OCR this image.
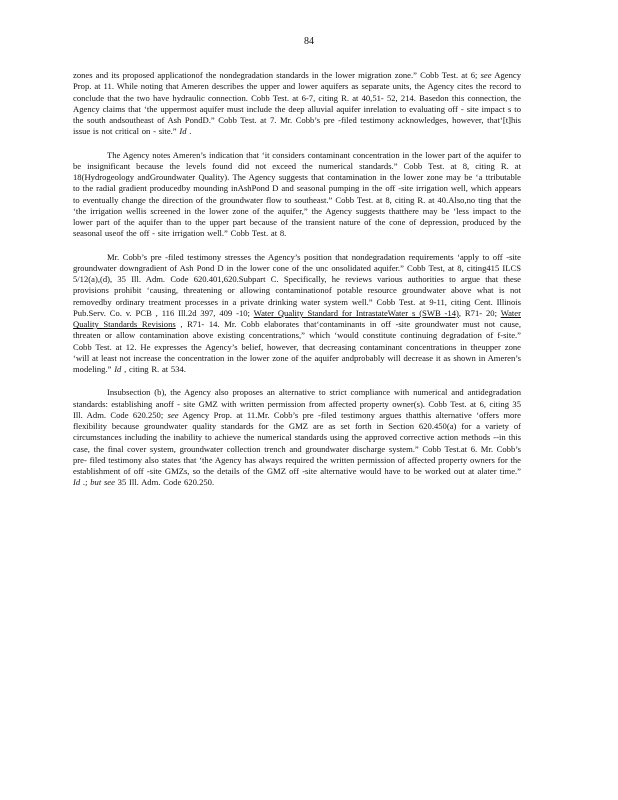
84

zones and its proposed applicationof the nondegradation standards in the lower migration zone.” Cobb Test. at 6; see Agency Prop. at 11. While noting that Ameren describes the upper and lower aquifers as separate units, the Agency cites the record to conclude that the two have hydraulic connection. Cobb Test. at 6-7, citing R. at 40,51- 52, 214. Basedon this connection, the Agency claims that ‘the uppermost aquifer must include the deep alluvial aquifer inrelation to evaluating off - site impact s to the south andsoutheast of Ash PondD.” Cobb Test. at 7. Mr. Cobb’s pre -filed testimony acknowledges, however, that‘[t]his issue is not critical on - site.” Id .

The Agency notes Ameren’s indication that ‘it considers contaminant concentration in the lower part of the aquifer to be insignificant because the levels found did not exceed the numerical standards.” Cobb Test. at 8, citing R. at 18(Hydrogeology andGroundwater Quality). The Agency suggests that contamination in the lower zone may be ‘a ttributable to the radial gradient producedby mounding inAshPond D and seasonal pumping in the off -site irrigation well, which appears to eventually change the direction of the groundwater flow to southeast.” Cobb Test. at 8, citing R. at 40.Also,no ting that the ‘the irrigation wellis screened in the lower zone of the aquifer,” the Agency suggests thatthere may be ‘less impact to the lower part of the aquifer than to the upper part because of the transient nature of the cone of depression, produced by the seasonal useof the off - site irrigation well.” Cobb Test. at 8.

Mr. Cobb’s pre -filed testimony stresses the Agency’s position that nondegradation requirements ‘apply to off -site groundwater downgradient of Ash Pond D in the lower cone of the unc onsolidated aquifer.” Cobb Test, at 8, citing415 ILCS 5/12(a),(d), 35 Ill. Adm. Code 620.401,620.Subpart C. Specifically, he reviews various authorities to argue that these provisions prohibit ‘causing, threatening or allowing contaminationof potable resource groundwater above what is not removedby ordinary treatment processes in a private drinking water system well.” Cobb Test. at 9-11, citing Cent. Illinois Pub.Serv. Co. v. PCB , 116 Ill.2d 397, 409 -10; Water Quality Standard for IntrastateWater s (SWB -14), R71- 20; Water Quality Standards Revisions , R71- 14. Mr. Cobb elaborates that‘contaminants in off -site groundwater must not cause, threaten or allow contamination above existing concentrations,” which ‘would constitute continuing degradation of f-site.” Cobb Test. at 12. He expresses the Agency’s belief, however, that decreasing contaminant concentrations in theupper zone ‘will at least not increase the concentration in the lower zone of the aquifer andprobably will decrease it as shown in Ameren’s modeling.” Id , citing R. at 534.

Insubsection (b), the Agency also proposes an alternative to strict compliance with numerical and antidegradation standards: establishing anoff - site GMZ with written permission from affected property owner(s). Cobb Test. at 6, citing 35 Ill. Adm. Code 620.250; see Agency Prop. at 11.Mr. Cobb’s pre -filed testimony argues thatthis alternative ‘offers more flexibility because groundwater quality standards for the GMZ are as set forth in Section 620.450(a) for a variety of circumstances including the inability to achieve the numerical standards using the approved corrective action methods --in this case, the final cover system, groundwater collection trench and groundwater discharge system.” Cobb Test.at 6. Mr. Cobb’s pre- filed testimony also states that ‘the Agency has always required the written permission of affected property owners for the establishment of off -site GMZs, so the details of the GMZ off -site alternative would have to be worked out at alater time.” Id .; but see 35 Ill. Adm. Code 620.250.
